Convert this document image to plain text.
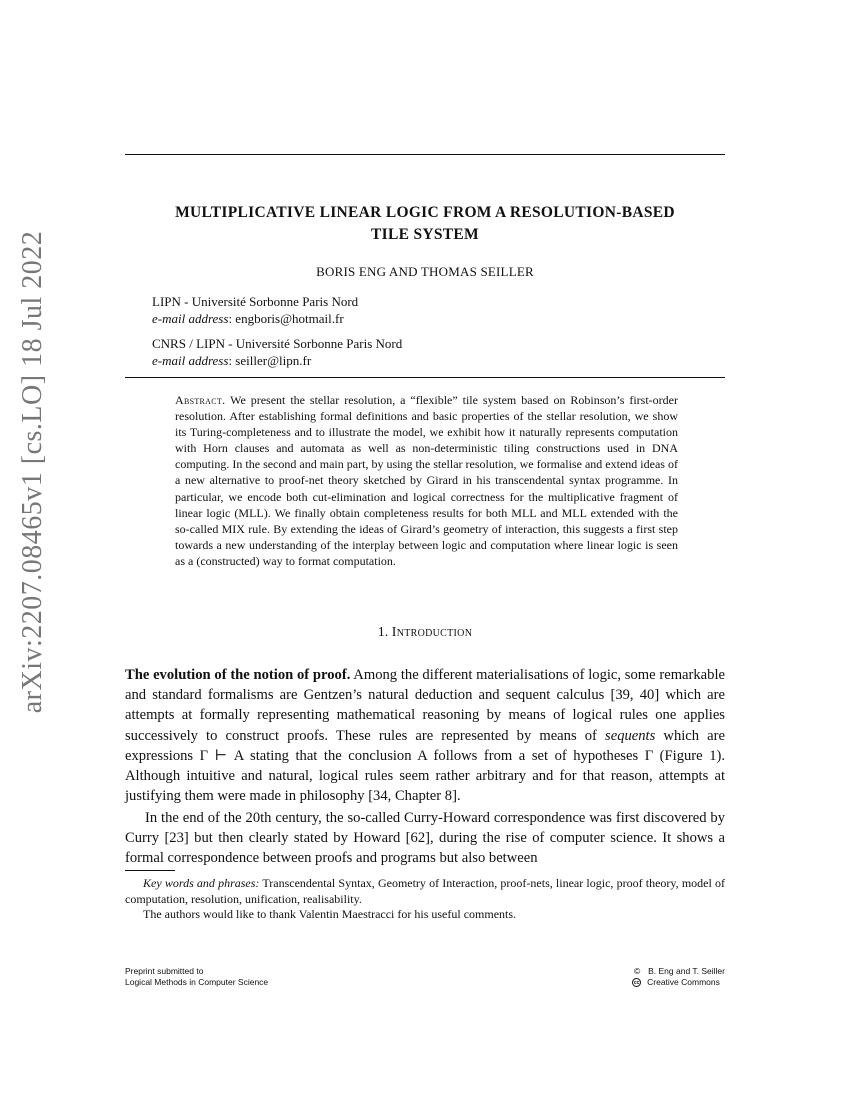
arXiv:2207.08465v1 [cs.LO] 18 Jul 2022
MULTIPLICATIVE LINEAR LOGIC FROM A RESOLUTION-BASED
TILE SYSTEM
BORIS ENG AND THOMAS SEILLER
LIPN - Université Sorbonne Paris Nord
e-mail address: engboris@hotmail.fr
CNRS / LIPN - Université Sorbonne Paris Nord
e-mail address: seiller@lipn.fr
Abstract. We present the stellar resolution, a “flexible” tile system based on Robinson’s first-order resolution. After establishing formal definitions and basic properties of the stellar resolution, we show its Turing-completeness and to illustrate the model, we exhibit how it naturally represents computation with Horn clauses and automata as well as non-deterministic tiling constructions used in DNA computing. In the second and main part, by using the stellar resolution, we formalise and extend ideas of a new alternative to proof-net theory sketched by Girard in his transcendental syntax programme. In particular, we encode both cut-elimination and logical correctness for the multiplicative fragment of linear logic (MLL). We finally obtain completeness results for both MLL and MLL extended with the so-called MIX rule. By extending the ideas of Girard’s geometry of interaction, this suggests a first step towards a new understanding of the interplay between logic and computation where linear logic is seen as a (constructed) way to format computation.
1. Introduction
The evolution of the notion of proof. Among the different materialisations of logic, some remarkable and standard formalisms are Gentzen’s natural deduction and sequent calculus [39, 40] which are attempts at formally representing mathematical reasoning by means of logical rules one applies successively to construct proofs. These rules are represented by means of sequents which are expressions Γ ⊢ A stating that the conclusion A follows from a set of hypotheses Γ (Figure 1). Although intuitive and natural, logical rules seem rather arbitrary and for that reason, attempts at justifying them were made in philosophy [34, Chapter 8].
In the end of the 20th century, the so-called Curry-Howard correspondence was first discovered by Curry [23] but then clearly stated by Howard [62], during the rise of computer science. It shows a formal correspondence between proofs and programs but also between
Key words and phrases: Transcendental Syntax, Geometry of Interaction, proof-nets, linear logic, proof theory, model of computation, resolution, unification, realisability.
The authors would like to thank Valentin Maestracci for his useful comments.
Preprint submitted to
Logical Methods in Computer Science
© B. Eng and T. Seiller
cc Creative Commons
